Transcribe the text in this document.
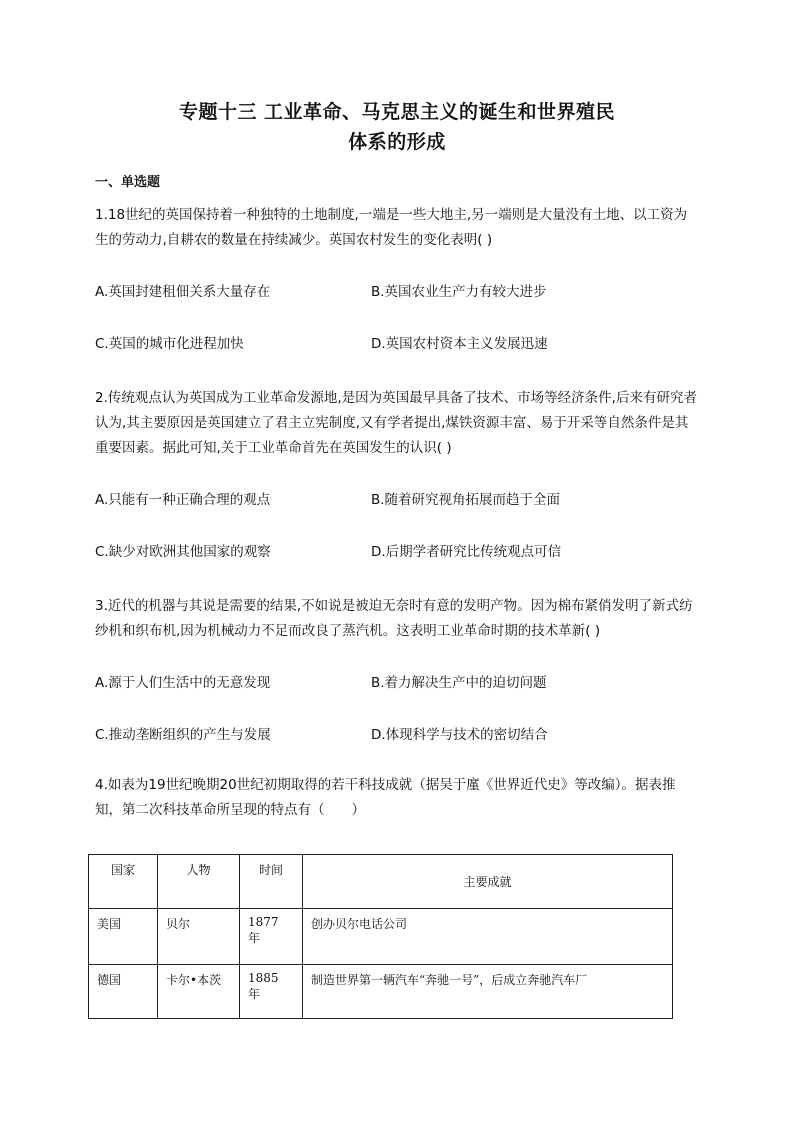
专题十三 工业革命、马克思主义的诞生和世界殖民
体系的形成
一、单选题
1.18世纪的英国保持着一种独特的土地制度,一端是一些大地主,另一端则是大量没有土地、以工资为生的劳动力,自耕农的数量在持续减少。英国农村发生的变化表明( )
A.英国封建租佃关系大量存在	B.英国农业生产力有较大进步
C.英国的城市化进程加快	D.英国农村资本主义发展迅速
2.传统观点认为英国成为工业革命发源地,是因为英国最早具备了技术、市场等经济条件,后来有研究者认为,其主要原因是英国建立了君主立宪制度,又有学者提出,煤铁资源丰富、易于开采等自然条件是其重要因素。据此可知,关于工业革命首先在英国发生的认识( )
A.只能有一种正确合理的观点	B.随着研究视角拓展而趋于全面
C.缺少对欧洲其他国家的观察	D.后期学者研究比传统观点可信
3.近代的机器与其说是需要的结果,不如说是被迫无奈时有意的发明产物。因为棉布紧俏发明了新式纺纱机和织布机,因为机械动力不足而改良了蒸汽机。这表明工业革命时期的技术革新( )
A.源于人们生活中的无意发现	B.着力解决生产中的迫切问题
C.推动垄断组织的产生与发展	D.体现科学与技术的密切结合
4.如表为19世纪晚期20世纪初期取得的若干科技成就（据吴于廑《世界近代史》等改编）。据表推知，第二次科技革命所呈现的特点有（　　）
国家	人物	时间	主要成就
美国	贝尔	1877 年	创办贝尔电话公司
德国	卡尔•本茨	1885 年	制造世界第一辆汽车“奔驰一号”，后成立奔驰汽车厂
